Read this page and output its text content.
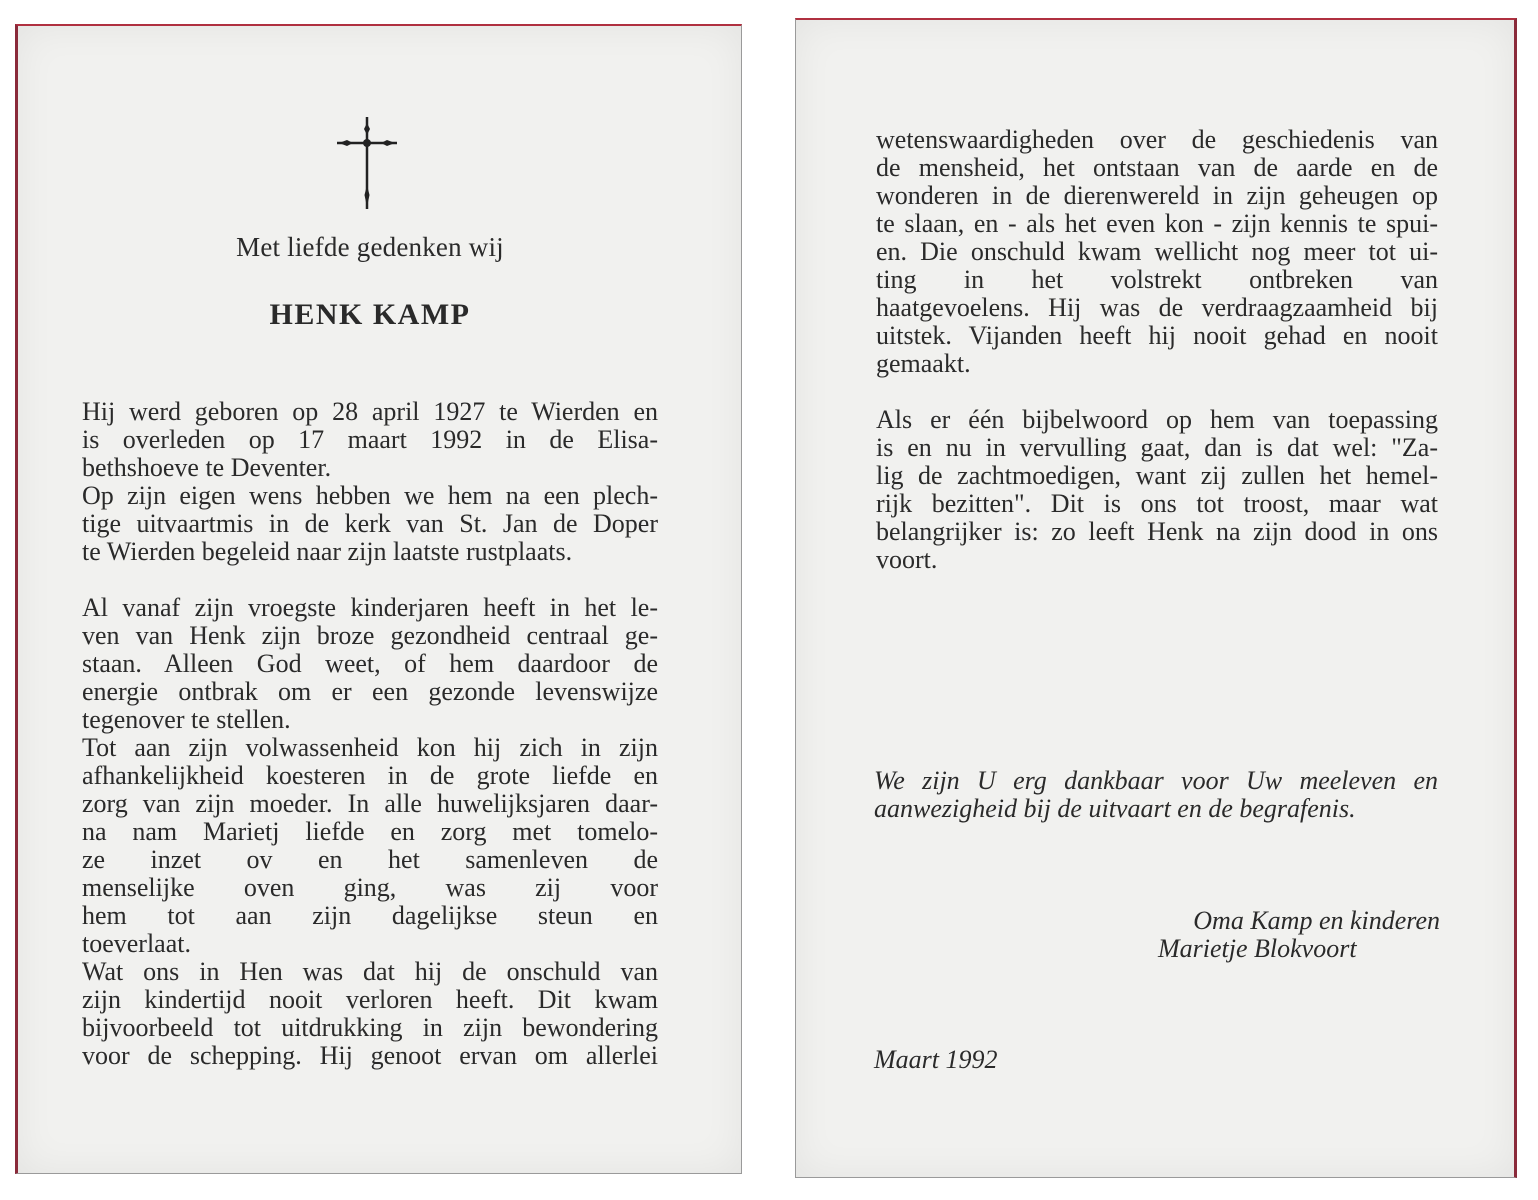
Met liefde gedenken wij
HENK KAMP

Hij werd geboren op 28 april 1927 te Wierden en

is overleden op 17 maart 1992 in de Elisa-

bethshoeve te Deventer.

Op zijn eigen wens hebben we hem na een plech-

tige uitvaartmis in de kerk van St. Jan de Doper

te Wierden begeleid naar zijn laatste rustplaats.

Al vanaf zijn vroegste kinderjaren heeft in het le-

ven van Henk zijn broze gezondheid centraal ge-

staan. Alleen God weet, of hem daardoor de

energie ontbrak om er een gezonde levenswijze

tegenover te stellen.

Tot aan zijn volwassenheid kon hij zich in zijn

afhankelijkheid koesteren in de grote liefde en

zorg van zijn moeder. In alle huwelijksjaren daar-

na nam Marietj liefde en zorg met tomelo-

ze inzet ov en het samenleven de

menselijke oven ging, was zij voor

hem tot aan zijn dagelijkse steun en

toeverlaat.

Wat ons in Hen was dat hij de onschuld van

zijn kindertijd nooit verloren heeft. Dit kwam

bijvoorbeeld tot uitdrukking in zijn bewondering

voor de schepping. Hij genoot ervan om allerlei

wetenswaardigheden over de geschiedenis van

de mensheid, het ontstaan van de aarde en de

wonderen in de dierenwereld in zijn geheugen op

te slaan, en - als het even kon - zijn kennis te spui-

en. Die onschuld kwam wellicht nog meer tot ui-

ting in het volstrekt ontbreken van

haatgevoelens. Hij was de verdraagzaamheid bij

uitstek. Vijanden heeft hij nooit gehad en nooit

gemaakt.

Als er één bijbelwoord op hem van toepassing

is en nu in vervulling gaat, dan is dat wel: "Za-

lig de zachtmoedigen, want zij zullen het hemel-

rijk bezitten". Dit is ons tot troost, maar wat

belangrijker is: zo leeft Henk na zijn dood in ons

voort.

We zijn U erg dankbaar voor Uw meeleven en

aanwezigheid bij de uitvaart en de begrafenis.

Oma Kamp en kinderen
Marietje Blokvoort
Maart 1992
